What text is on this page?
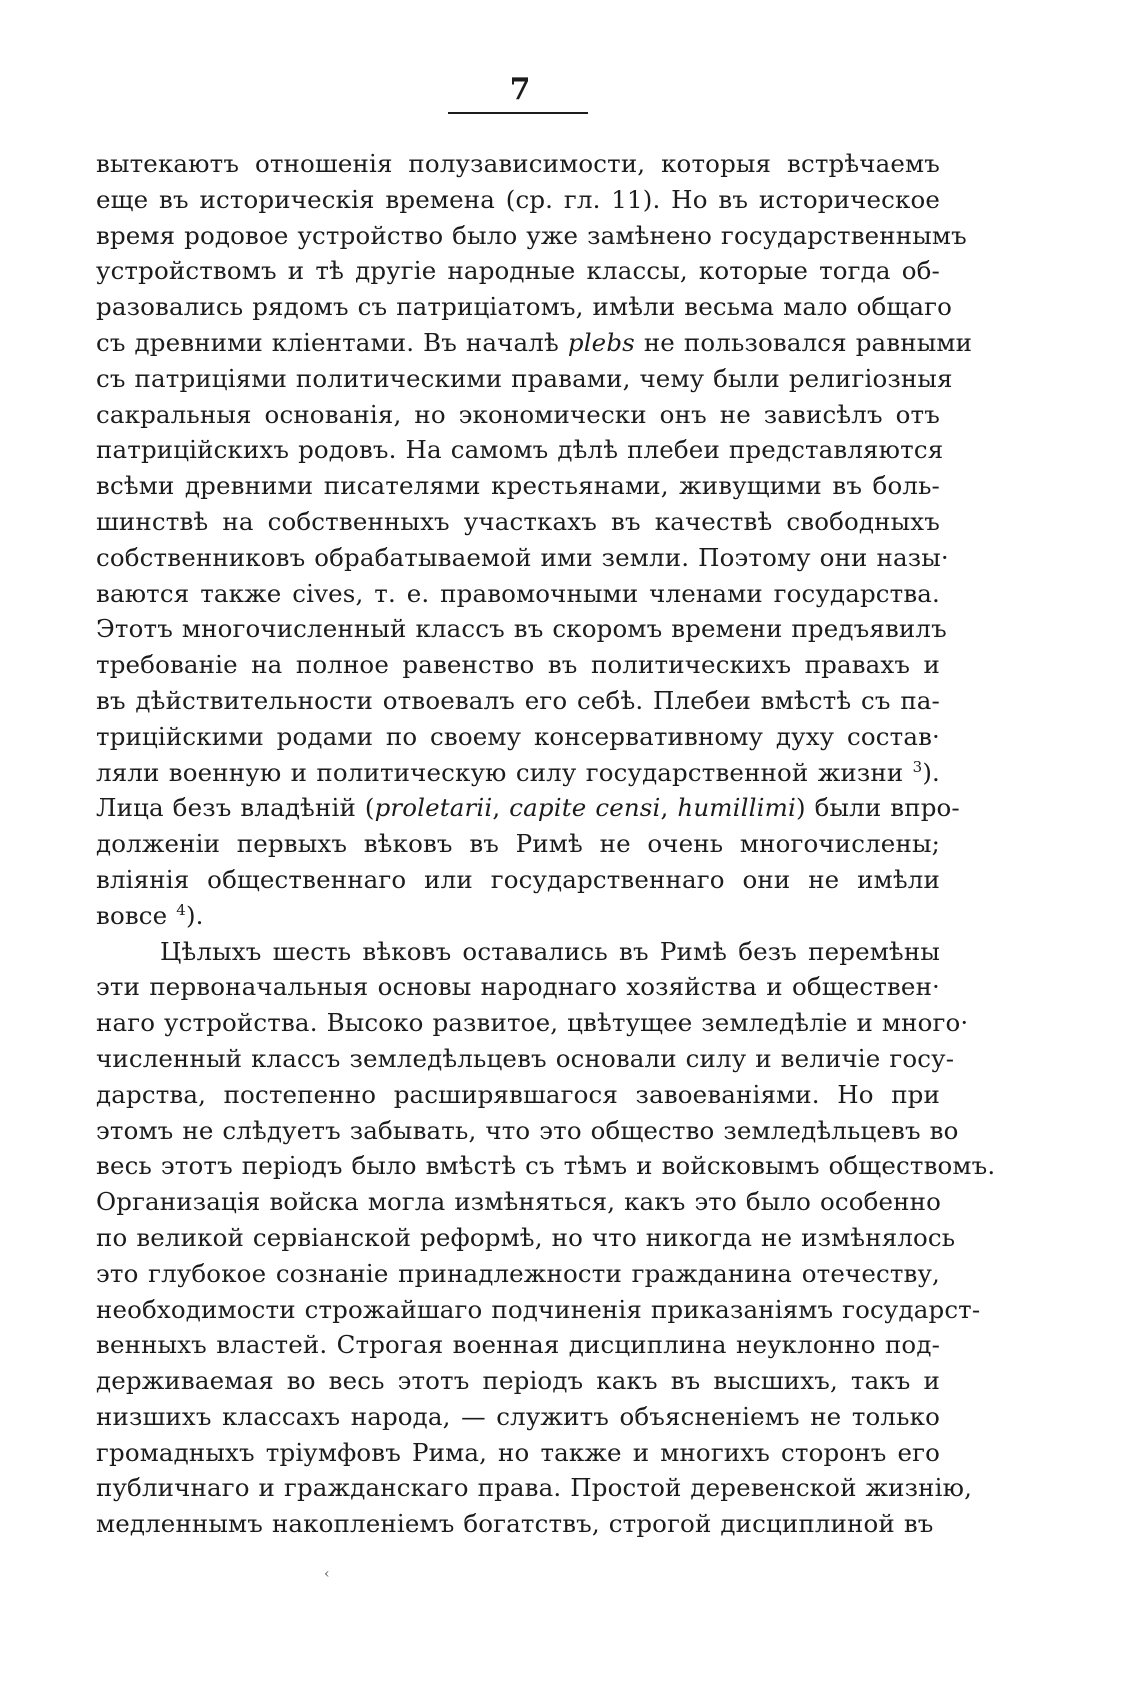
7
вытекаютъ отношенія полузависимости, которыя встрѣчаемъ
еще въ историческія времена (ср. гл. 11). Но въ историческое
время родовое устройство было уже замѣнено государственнымъ
устройствомъ и тѣ другіе народные классы, которые тогда об-
разовались рядомъ съ патриціатомъ, имѣли весьма мало общаго
съ древними кліентами. Въ началѣ plebs не пользовался равными
съ патриціями политическими правами, чему были религіозныя
сакральныя основанія, но экономически онъ не зависѣлъ отъ
патриційскихъ родовъ. На самомъ дѣлѣ плебеи представляются
всѣми древними писателями крестьянами, живущими въ боль-
шинствѣ на собственныхъ участкахъ въ качествѣ свободныхъ
собственниковъ обрабатываемой ими земли. Поэтому они назы·
ваются также cives, т. е. правомочными членами государства.
Этотъ многочисленный классъ въ скоромъ времени предъявилъ
требованіе на полное равенство въ политическихъ правахъ и
въ дѣйствительности отвоевалъ его себѣ. Плебеи вмѣстѣ съ па-
триційскими родами по своему консервативному духу состав·
ляли военную и политическую силу государственной жизни $^3$).
Лица безъ владѣній (proletarii, capite censi, humillimi) были впро-
долженіи первыхъ вѣковъ въ Римѣ не очень многочислены;
вліянія общественнаго или государственнаго они не имѣли
вовсе $^4$).
Цѣлыхъ шесть вѣковъ оставались въ Римѣ безъ перемѣны
эти первоначальныя основы народнаго хозяйства и обществен·
наго устройства. Высоко развитое, цвѣтущее земледѣліе и много·
численный классъ земледѣльцевъ основали силу и величіе госу-
дарства, постепенно расширявшагося завоеваніями. Но при
этомъ не слѣдуетъ забывать, что это общество земледѣльцевъ во
весь этотъ періодъ было вмѣстѣ съ тѣмъ и войсковымъ обществомъ.
Организація войска могла измѣняться, какъ это было особенно
по великой сервіанской реформѣ, но что никогда не измѣнялось
это глубокое сознаніе принадлежности гражданина отечеству,
необходимости строжайшаго подчиненія приказаніямъ государст-
венныхъ властей. Строгая военная дисциплина неуклонно под-
держиваемая во весь этотъ періодъ какъ въ высшихъ, такъ и
низшихъ классахъ народа, — служитъ объясненіемъ не только
громадныхъ тріумфовъ Рима, но также и многихъ сторонъ его
публичнаго и гражданскаго права. Простой деревенской жизнію,
медленнымъ накопленіемъ богатствъ, строгой дисциплиной въ
‹
